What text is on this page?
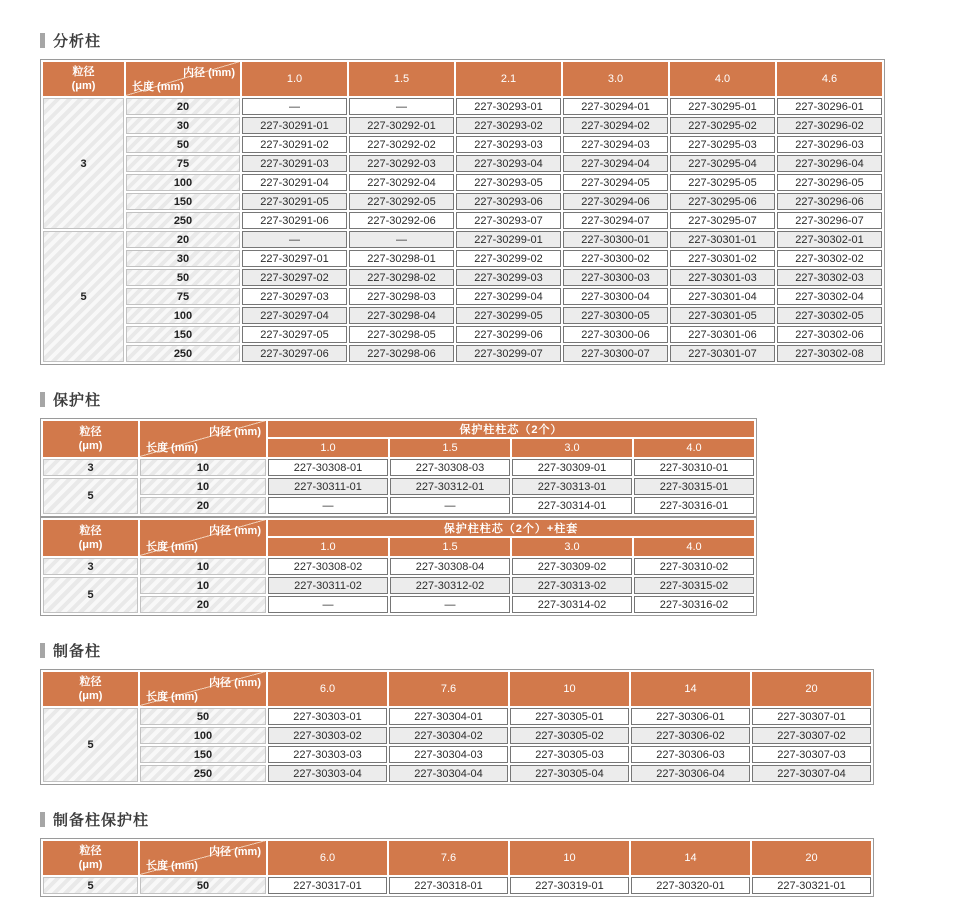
分析柱
粒径
(μm)	内径 (mm)
长度 (mm)	1.0	1.5	2.1	3.0	4.0	4.6
3	20	—	—	227-30293-01	227-30294-01	227-30295-01	227-30296-01
	30	227-30291-01	227-30292-01	227-30293-02	227-30294-02	227-30295-02	227-30296-02
	50	227-30291-02	227-30292-02	227-30293-03	227-30294-03	227-30295-03	227-30296-03
	75	227-30291-03	227-30292-03	227-30293-04	227-30294-04	227-30295-04	227-30296-04
	100	227-30291-04	227-30292-04	227-30293-05	227-30294-05	227-30295-05	227-30296-05
	150	227-30291-05	227-30292-05	227-30293-06	227-30294-06	227-30295-06	227-30296-06
	250	227-30291-06	227-30292-06	227-30293-07	227-30294-07	227-30295-07	227-30296-07
5	20	—	—	227-30299-01	227-30300-01	227-30301-01	227-30302-01
	30	227-30297-01	227-30298-01	227-30299-02	227-30300-02	227-30301-02	227-30302-02
	50	227-30297-02	227-30298-02	227-30299-03	227-30300-03	227-30301-03	227-30302-03
	75	227-30297-03	227-30298-03	227-30299-04	227-30300-04	227-30301-04	227-30302-04
	100	227-30297-04	227-30298-04	227-30299-05	227-30300-05	227-30301-05	227-30302-05
	150	227-30297-05	227-30298-05	227-30299-06	227-30300-06	227-30301-06	227-30302-06
	250	227-30297-06	227-30298-06	227-30299-07	227-30300-07	227-30301-07	227-30302-08
保护柱
粒径
(μm)	内径 (mm)
长度 (mm)	保护柱柱芯（2个）			
		1.0	1.5	3.0	4.0
3	10	227-30308-01	227-30308-03	227-30309-01	227-30310-01
5	10	227-30311-01	227-30312-01	227-30313-01	227-30315-01
	20	—	—	227-30314-01	227-30316-01
粒径
(μm)	内径 (mm)
长度 (mm)	保护柱柱芯（2个）+柱套			
		1.0	1.5	3.0	4.0
3	10	227-30308-02	227-30308-04	227-30309-02	227-30310-02
5	10	227-30311-02	227-30312-02	227-30313-02	227-30315-02
	20	—	—	227-30314-02	227-30316-02
制备柱
粒径
(μm)	内径 (mm)
长度 (mm)	6.0	7.6	10	14	20
5	50	227-30303-01	227-30304-01	227-30305-01	227-30306-01	227-30307-01
	100	227-30303-02	227-30304-02	227-30305-02	227-30306-02	227-30307-02
	150	227-30303-03	227-30304-03	227-30305-03	227-30306-03	227-30307-03
	250	227-30303-04	227-30304-04	227-30305-04	227-30306-04	227-30307-04
制备柱保护柱
粒径
(μm)	内径 (mm)
长度 (mm)	6.0	7.6	10	14	20
5	50	227-30317-01	227-30318-01	227-30319-01	227-30320-01	227-30321-01
